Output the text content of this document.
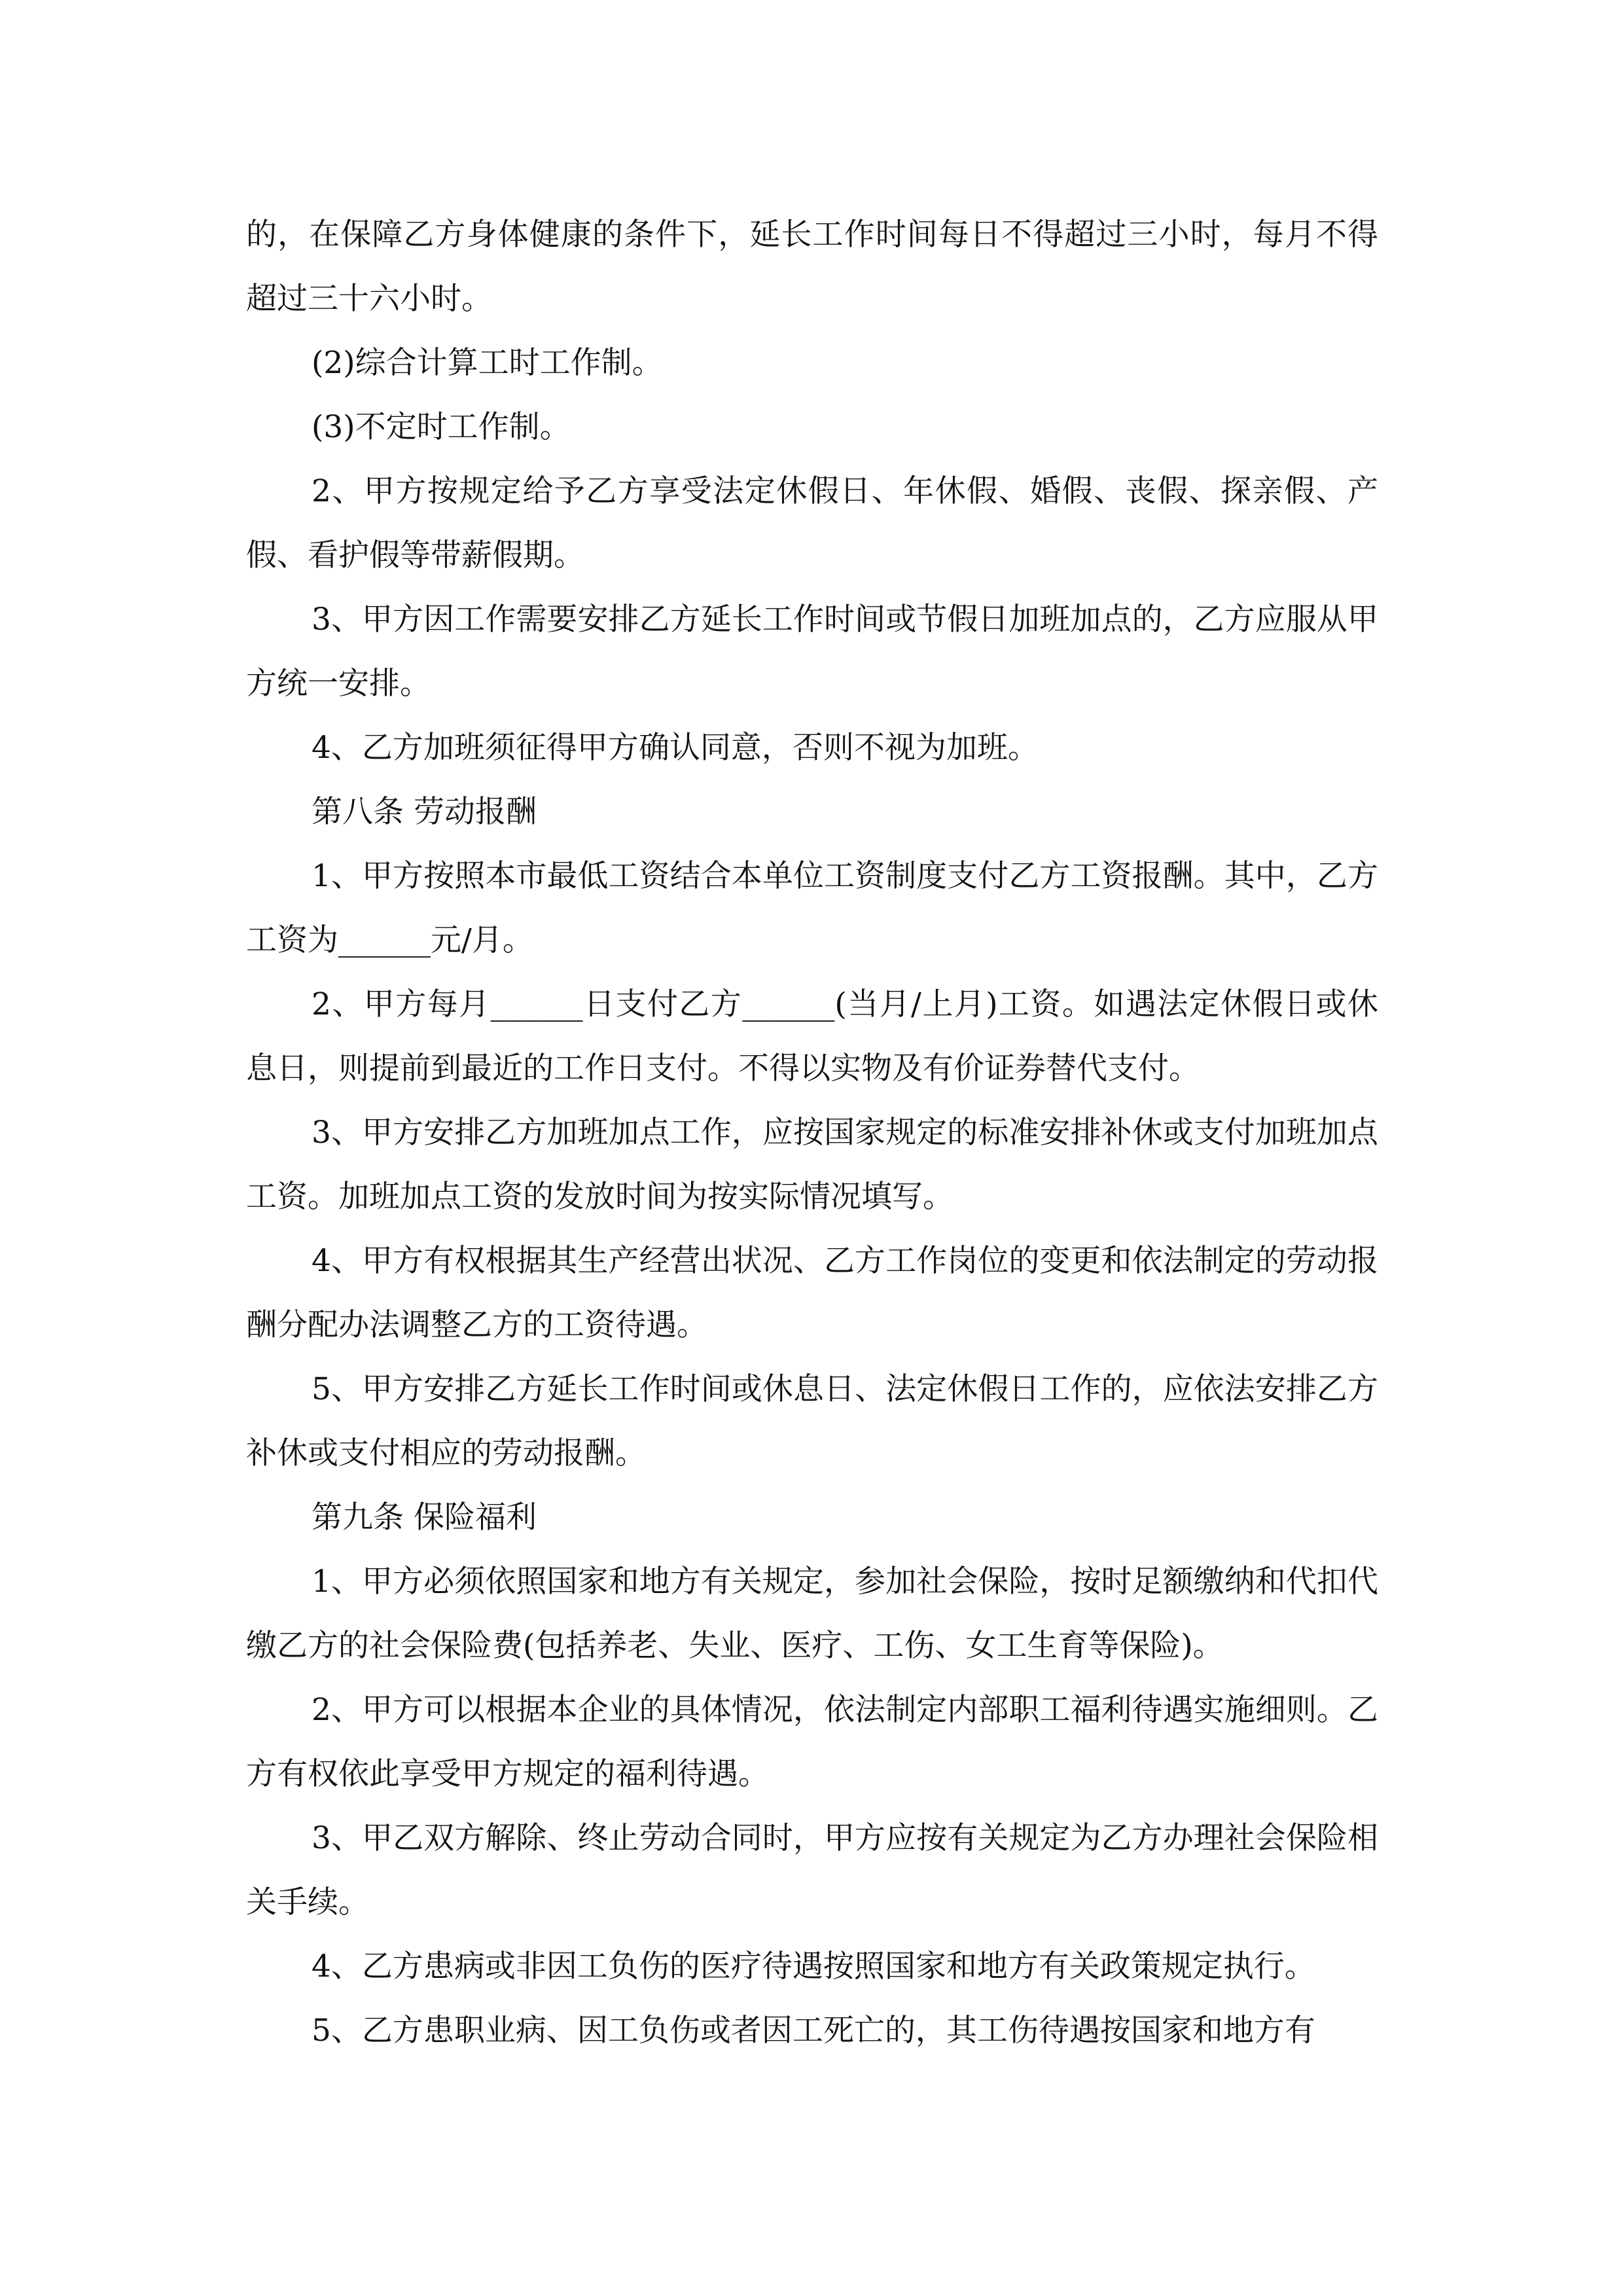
的，在保障乙方身体健康的条件下，延长工作时间每日不得超过三小时，每月不得超过三十六小时。

(2)综合计算工时工作制。

(3)不定时工作制。

2、甲方按规定给予乙方享受法定休假日、年休假、婚假、丧假、探亲假、产假、看护假等带薪假期。

3、甲方因工作需要安排乙方延长工作时间或节假日加班加点的，乙方应服从甲方统一安排。

4、乙方加班须征得甲方确认同意，否则不视为加班。

第八条 劳动报酬

1、甲方按照本市最低工资结合本单位工资制度支付乙方工资报酬。其中，乙方工资为______元/月。

2、甲方每月______日支付乙方______(当月/上月)工资。如遇法定休假日或休息日，则提前到最近的工作日支付。不得以实物及有价证券替代支付。

3、甲方安排乙方加班加点工作，应按国家规定的标准安排补休或支付加班加点工资。加班加点工资的发放时间为按实际情况填写。

4、甲方有权根据其生产经营出状况、乙方工作岗位的变更和依法制定的劳动报酬分配办法调整乙方的工资待遇。

5、甲方安排乙方延长工作时间或休息日、法定休假日工作的，应依法安排乙方补休或支付相应的劳动报酬。

第九条 保险福利

1、甲方必须依照国家和地方有关规定，参加社会保险，按时足额缴纳和代扣代缴乙方的社会保险费(包括养老、失业、医疗、工伤、女工生育等保险)。

2、甲方可以根据本企业的具体情况，依法制定内部职工福利待遇实施细则。乙方有权依此享受甲方规定的福利待遇。

3、甲乙双方解除、终止劳动合同时，甲方应按有关规定为乙方办理社会保险相关手续。

4、乙方患病或非因工负伤的医疗待遇按照国家和地方有关政策规定执行。

5、乙方患职业病、因工负伤或者因工死亡的，其工伤待遇按国家和地方有
